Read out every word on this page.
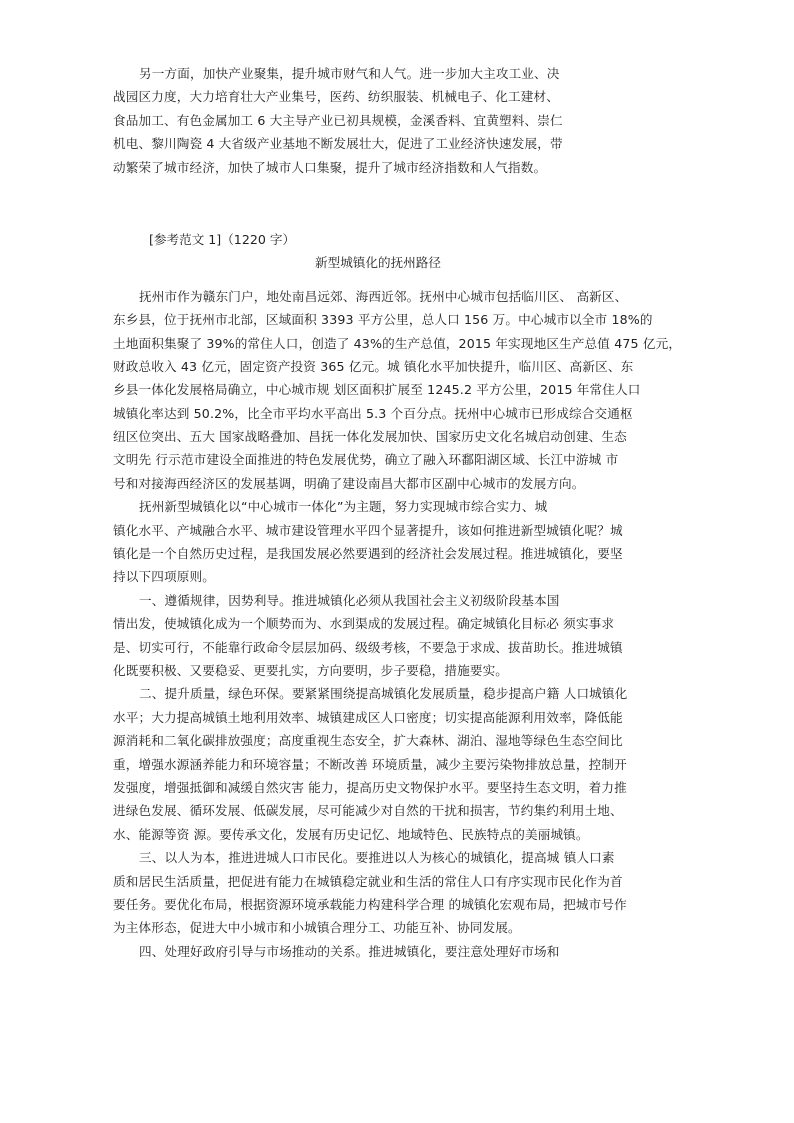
另一方面，加快产业聚集，提升城市财气和人气。进一步加大主攻工业、决
战园区力度，大力培育壮大产业集号，医药、纺织服装、机械电子、化工建材、
食品加工、有色金属加工 6 大主导产业已初具规模，金溪香料、宜黄塑料、崇仁
机电、黎川陶瓷 4 大省级产业基地不断发展壮大，促进了工业经济快速发展，带
动繁荣了城市经济，加快了城市人口集聚，提升了城市经济指数和人气指数。
[参考范文 1]（1220 字）
新型城镇化的抚州路径
抚州市作为赣东门户，地处南昌远郊、海西近邻。抚州中心城市包括临川区、 高新区、
东乡县，位于抚州市北部，区域面积 3393 平方公里，总人口 156 万。中心城市以全市 18%的
土地面积集聚了 39%的常住人口，创造了 43%的生产总值，2015 年实现地区生产总值 475 亿元，
财政总收入 43 亿元，固定资产投资 365 亿元。城 镇化水平加快提升，临川区、高新区、东
乡县一体化发展格局确立，中心城市规 划区面积扩展至 1245.2 平方公里，2015 年常住人口
城镇化率达到 50.2%，比全市平均水平高出 5.3 个百分点。抚州中心城市已形成综合交通枢
纽区位突出、五大 国家战略叠加、昌抚一体化发展加快、国家历史文化名城启动创建、生态
文明先 行示范市建设全面推进的特色发展优势，确立了融入环鄱阳湖区域、长江中游城 市
号和对接海西经济区的发展基调，明确了建设南昌大都市区副中心城市的发展方向。
抚州新型城镇化以“中心城市一体化”为主题，努力实现城市综合实力、城
镇化水平、产城融合水平、城市建设管理水平四个显著提升，该如何推进新型城镇化呢？城
镇化是一个自然历史过程，是我国发展必然要遇到的经济社会发展过程。推进城镇化，要坚
持以下四项原则。
一、遵循规律，因势利导。推进城镇化必须从我国社会主义初级阶段基本国
情出发，使城镇化成为一个顺势而为、水到渠成的发展过程。确定城镇化目标必 须实事求
是、切实可行，不能靠行政命令层层加码、级级考核，不要急于求成、拔苗助长。推进城镇
化既要积极、又要稳妥、更要扎实，方向要明，步子要稳，措施要实。
二、提升质量，绿色环保。要紧紧围绕提高城镇化发展质量，稳步提高户籍 人口城镇化
水平；大力提高城镇土地利用效率、城镇建成区人口密度；切实提高能源利用效率，降低能
源消耗和二氧化碳排放强度；高度重视生态安全，扩大森林、湖泊、湿地等绿色生态空间比
重，增强水源涵养能力和环境容量；不断改善 环境质量，减少主要污染物排放总量，控制开
发强度，增强抵御和减缓自然灾害 能力，提高历史文物保护水平。要坚持生态文明，着力推
进绿色发展、循环发展、低碳发展，尽可能减少对自然的干扰和损害，节约集约利用土地、
水、能源等资 源。要传承文化，发展有历史记忆、地域特色、民族特点的美丽城镇。
三、以人为本，推进进城人口市民化。要推进以人为核心的城镇化，提高城 镇人口素
质和居民生活质量，把促进有能力在城镇稳定就业和生活的常住人口有序实现市民化作为首
要任务。要优化布局，根据资源环境承载能力构建科学合理 的城镇化宏观布局，把城市号作
为主体形态，促进大中小城市和小城镇合理分工、功能互补、协同发展。
四、处理好政府引导与市场推动的关系。推进城镇化，要注意处理好市场和
